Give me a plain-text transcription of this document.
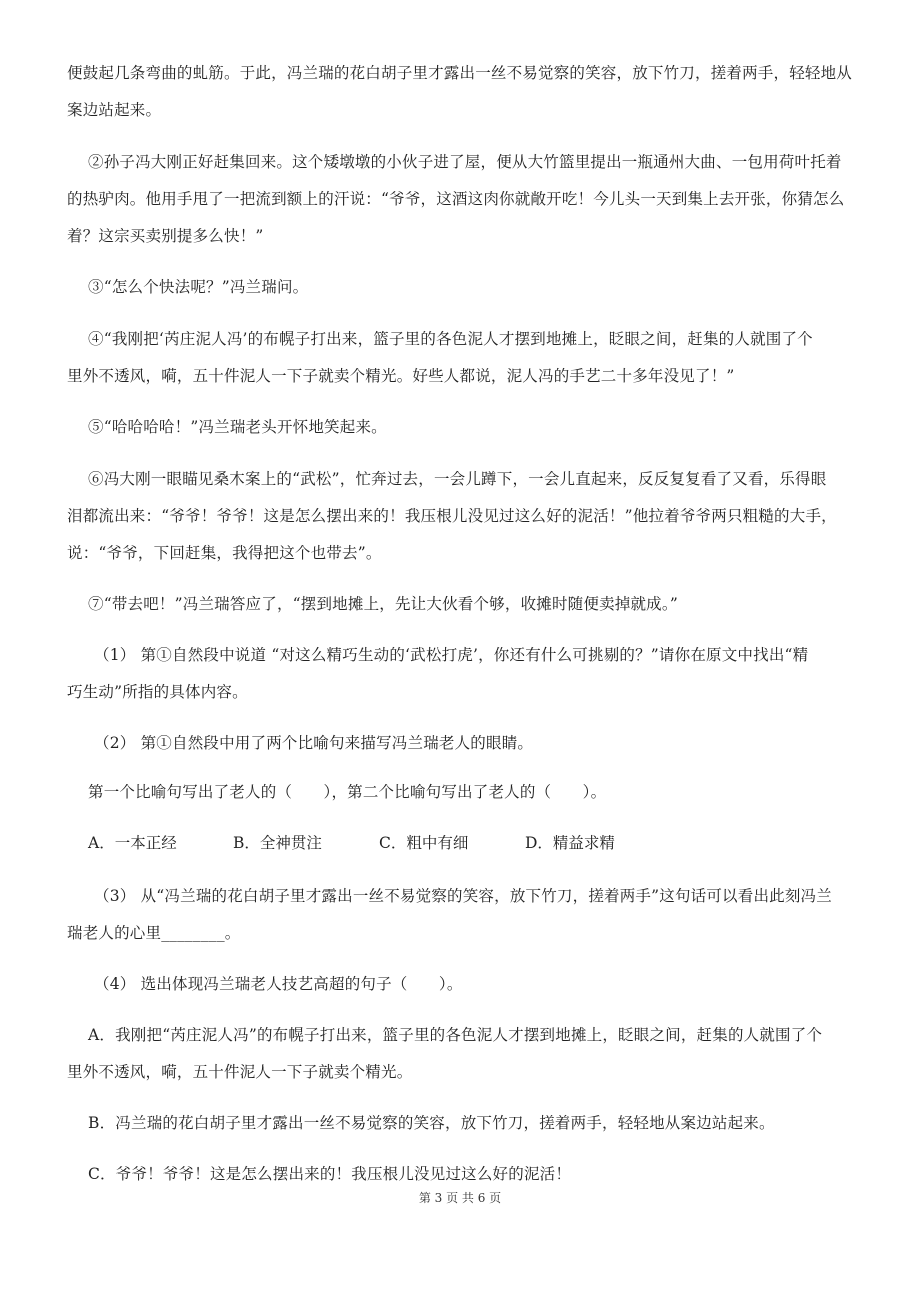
便鼓起几条弯曲的虬筋。于此，冯兰瑞的花白胡子里才露出一丝不易觉察的笑容，放下竹刀，搓着两手，轻轻地从
案边站起来。
②孙子冯大刚正好赶集回来。这个矮墩墩的小伙子进了屋，便从大竹篮里提出一瓶通州大曲、一包用荷叶托着
的热驴肉。他用手甩了一把流到额上的汗说：“爷爷，这酒这肉你就敞开吃！今儿头一天到集上去开张，你猜怎么
着？这宗买卖别提多么快！”
③“怎么个快法呢？”冯兰瑞问。
④“我刚把‘芮庄泥人冯’的布幌子打出来，篮子里的各色泥人才摆到地摊上，眨眼之间，赶集的人就围了个
里外不透风，嗬，五十件泥人一下子就卖个精光。好些人都说，泥人冯的手艺二十多年没见了！”
⑤“哈哈哈哈！”冯兰瑞老头开怀地笑起来。
⑥冯大刚一眼瞄见桑木案上的“武松”，忙奔过去，一会儿蹲下，一会儿直起来，反反复复看了又看，乐得眼
泪都流出来：“爷爷！爷爷！这是怎么摆出来的！我压根儿没见过这么好的泥活！”他拉着爷爷两只粗糙的大手，
说：“爷爷，下回赶集，我得把这个也带去”。
⑦“带去吧！”冯兰瑞答应了，“摆到地摊上，先让大伙看个够，收摊时随便卖掉就成。”
（1） 第①自然段中说道 “对这么精巧生动的‘武松打虎’，你还有什么可挑剔的？”请你在原文中找出“精
巧生动”所指的具体内容。
（2） 第①自然段中用了两个比喻句来描写冯兰瑞老人的眼睛。
第一个比喻句写出了老人的（　　），第二个比喻句写出了老人的（　　）。
A．一本正经	B．全神贯注	C．粗中有细	D．精益求精
（3） 从“冯兰瑞的花白胡子里才露出一丝不易觉察的笑容，放下竹刀，搓着两手”这句话可以看出此刻冯兰
瑞老人的心里________。
（4） 选出体现冯兰瑞老人技艺高超的句子（　　）。
A．我刚把“芮庄泥人冯”的布幌子打出来，篮子里的各色泥人才摆到地摊上，眨眼之间，赶集的人就围了个
里外不透风，嗬，五十件泥人一下子就卖个精光。
B．冯兰瑞的花白胡子里才露出一丝不易觉察的笑容，放下竹刀，搓着两手，轻轻地从案边站起来。
C．爷爷！爷爷！这是怎么摆出来的！我压根儿没见过这么好的泥活！
第 3 页 共 6 页
